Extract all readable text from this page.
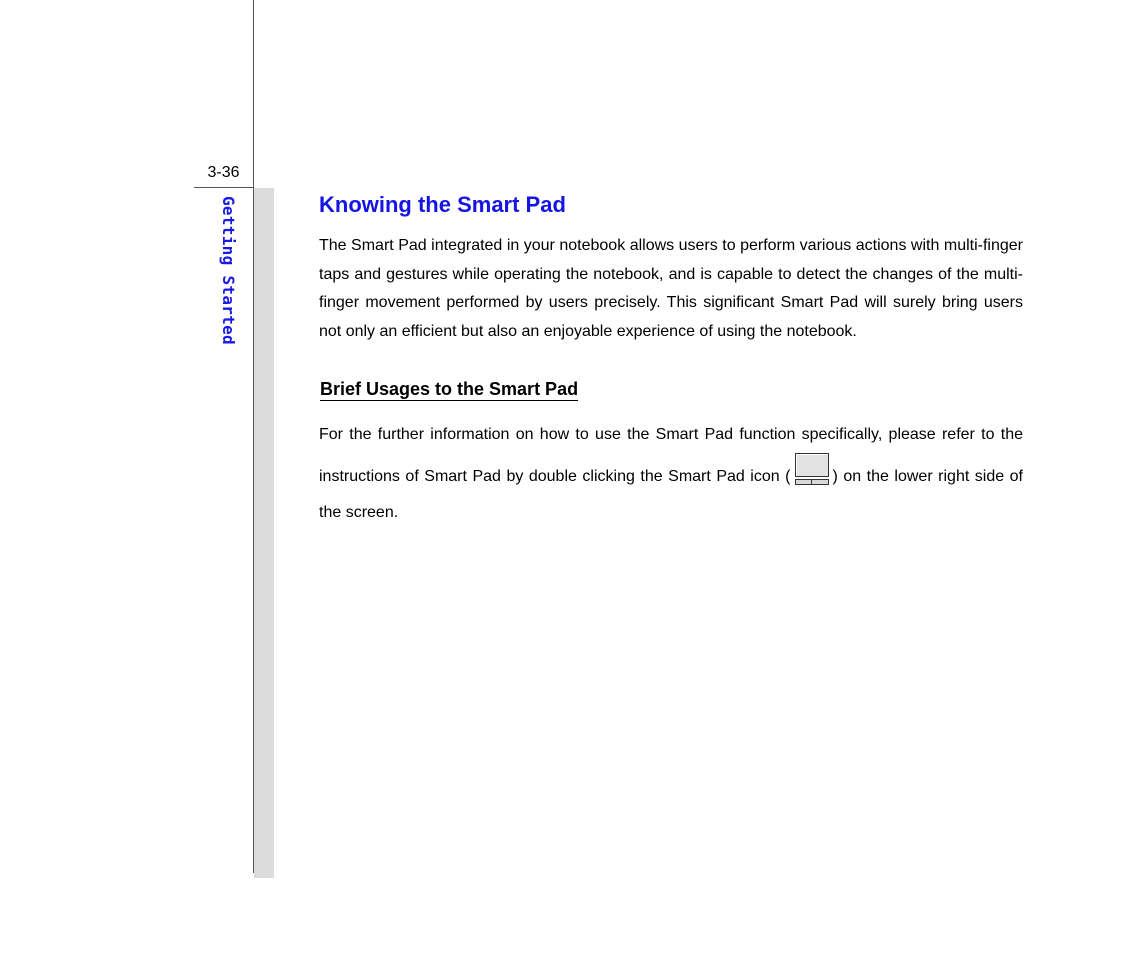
3-36
Getting Started	Knowing the Smart Pad

The Smart Pad integrated in your notebook allows users to perform various actions with multi-finger taps and gestures while operating the notebook, and is capable to detect the changes of the multi-finger movement performed by users precisely. This significant Smart Pad will surely bring users not only an efficient but also an enjoyable experience of using the notebook.

Brief Usages to the Smart Pad

For the further information on how to use the Smart Pad function specifically, please refer to the instructions of Smart Pad by double clicking the Smart Pad icon (	) on the lower right side of the screen.
